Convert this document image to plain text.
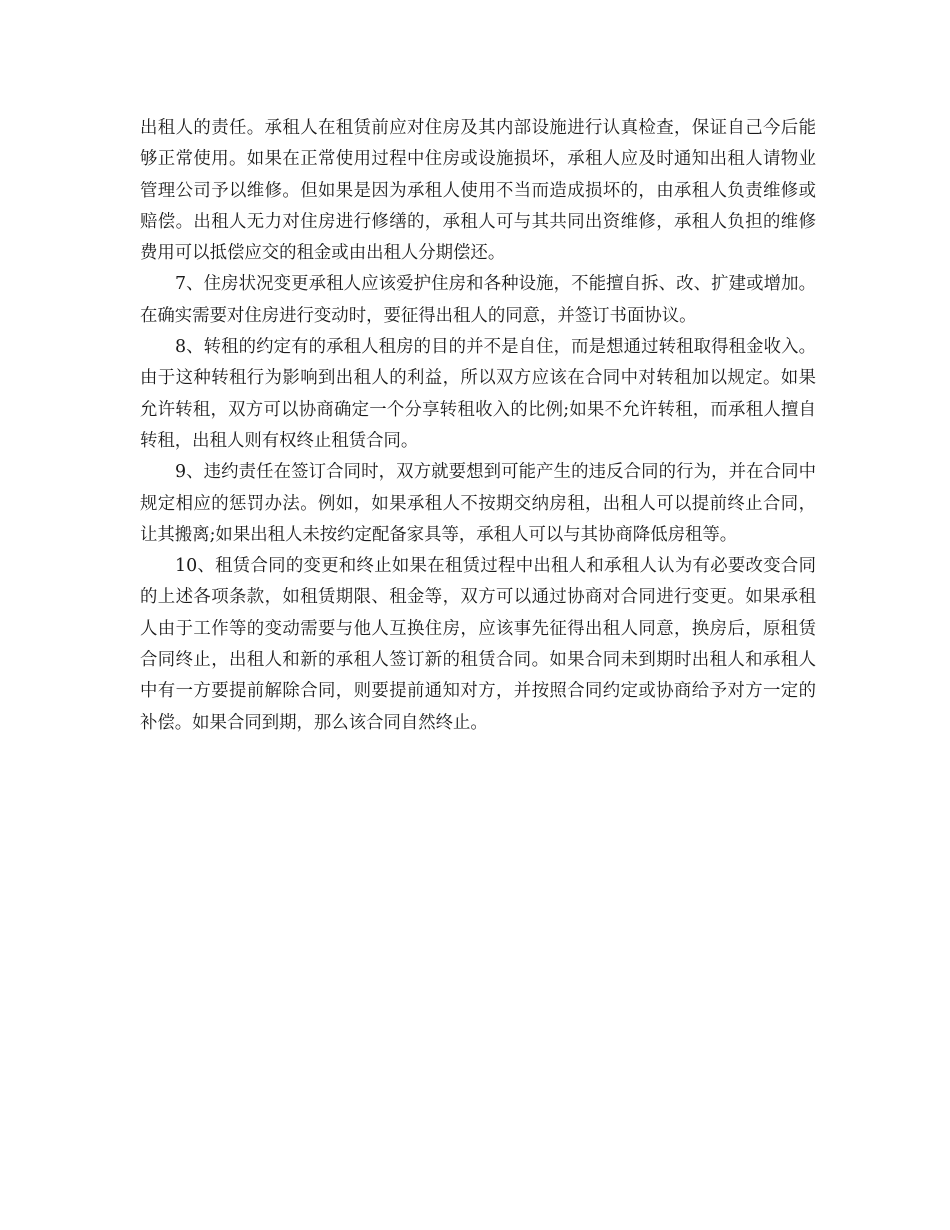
出租人的责任。承租人在租赁前应对住房及其内部设施进行认真检查，保证自己今后能够正常使用。如果在正常使用过程中住房或设施损坏，承租人应及时通知出租人请物业管理公司予以维修。但如果是因为承租人使用不当而造成损坏的，由承租人负责维修或赔偿。出租人无力对住房进行修缮的，承租人可与其共同出资维修，承租人负担的维修费用可以抵偿应交的租金或由出租人分期偿还。

7、住房状况变更承租人应该爱护住房和各种设施，不能擅自拆、改、扩建或增加。在确实需要对住房进行变动时，要征得出租人的同意，并签订书面协议。

8、转租的约定有的承租人租房的目的并不是自住，而是想通过转租取得租金收入。由于这种转租行为影响到出租人的利益，所以双方应该在合同中对转租加以规定。如果允许转租，双方可以协商确定一个分享转租收入的比例;如果不允许转租，而承租人擅自转租，出租人则有权终止租赁合同。

9、违约责任在签订合同时，双方就要想到可能产生的违反合同的行为，并在合同中规定相应的惩罚办法。例如，如果承租人不按期交纳房租，出租人可以提前终止合同，让其搬离;如果出租人未按约定配备家具等，承租人可以与其协商降低房租等。

10、租赁合同的变更和终止如果在租赁过程中出租人和承租人认为有必要改变合同的上述各项条款，如租赁期限、租金等，双方可以通过协商对合同进行变更。如果承租人由于工作等的变动需要与他人互换住房，应该事先征得出租人同意，换房后，原租赁合同终止，出租人和新的承租人签订新的租赁合同。如果合同未到期时出租人和承租人中有一方要提前解除合同，则要提前通知对方，并按照合同约定或协商给予对方一定的补偿。如果合同到期，那么该合同自然终止。
